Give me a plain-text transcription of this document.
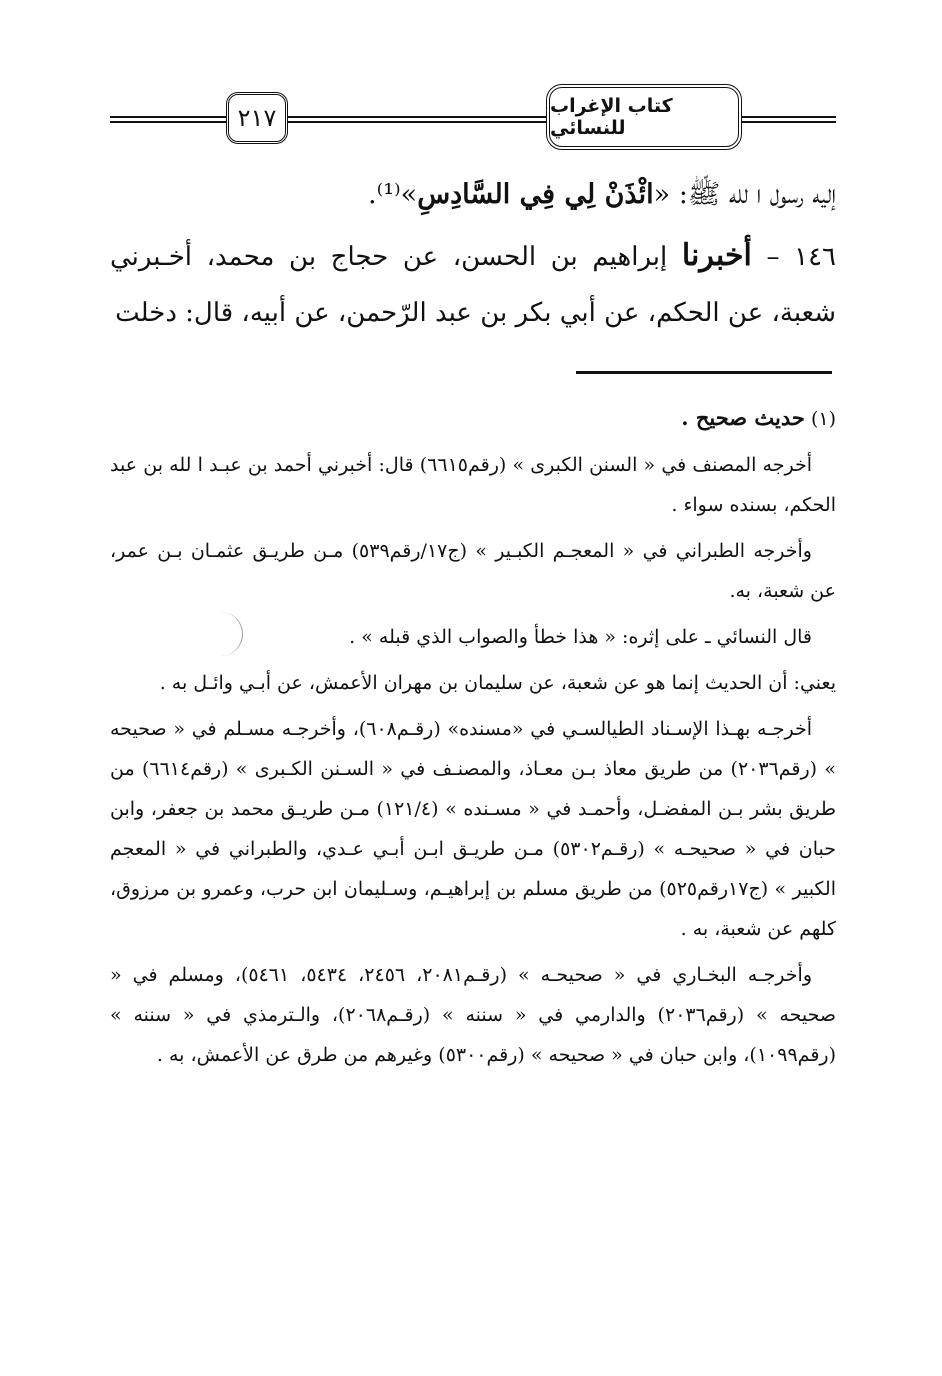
٢١٧	كتاب الإغراب للنسائي

إليه رسول ا لله ﷺ: «ائْذَنْ لِي فِي السَّادِسِ»⁽¹⁾.

١٤٦ – أخبرنا إبراهيم بن الحسن، عن حجاج بن محمد، أخـبرني شعبة، عن الحكم، عن أبي بكر بن عبد الرّحمن، عن أبيه، قال: دخلت

(١) حديث صحيح .

أخرجه المصنف في « السنن الكبرى » (رقم٦٦١٥) قال: أخبرني أحمد بن عبـد ا لله بن عبد الحكم، بسنده سواء .

وأخرجه الطبراني في « المعجـم الكبـير » (ج١٧/رقم٥٣٩) مـن طريـق عثمـان بـن عمر، عن شعبة، به.

قال النسائي ـ على إثره: « هذا خطأ والصواب الذي قبله » .

يعني: أن الحديث إنما هو عن شعبة، عن سليمان بن مهران الأعمش، عن أبـي وائـل به .

أخرجـه بهـذا الإسـناد الطيالسـي في «مسنده» (رقـم٦٠٨)، وأخرجـه مسـلم في « صحيحه » (رقم٢٠٣٦) من طريق معاذ بـن معـاذ، والمصنـف في « السـنن الكـبرى » (رقم٦٦١٤) من طريق بشر بـن المفضـل، وأحمـد في « مسـنده » (١٢١/٤) مـن طريـق محمد بن جعفر، وابن حبان في « صحيحـه » (رقـم٥٣٠٢) مـن طريـق ابـن أبـي عـدي، والطبراني في « المعجم الكبير » (ج١٧رقم٥٢٥) من طريق مسلم بن إبراهيـم، وسـليمان ابن حرب، وعمرو بن مرزوق، كلهم عن شعبة، به .

وأخرجـه البخـاري في « صحيحـه » (رقـم٢٠٨١، ٢٤٥٦، ٥٤٣٤، ٥٤٦١)، ومسلم في « صحيحه » (رقم٢٠٣٦) والدارمي في « سننه » (رقـم٢٠٦٨)، والـترمذي في « سننه » (رقم١٠٩٩)، وابن حبان في « صحيحه » (رقم٥٣٠٠) وغيرهم من طرق عن الأعمش، به .
